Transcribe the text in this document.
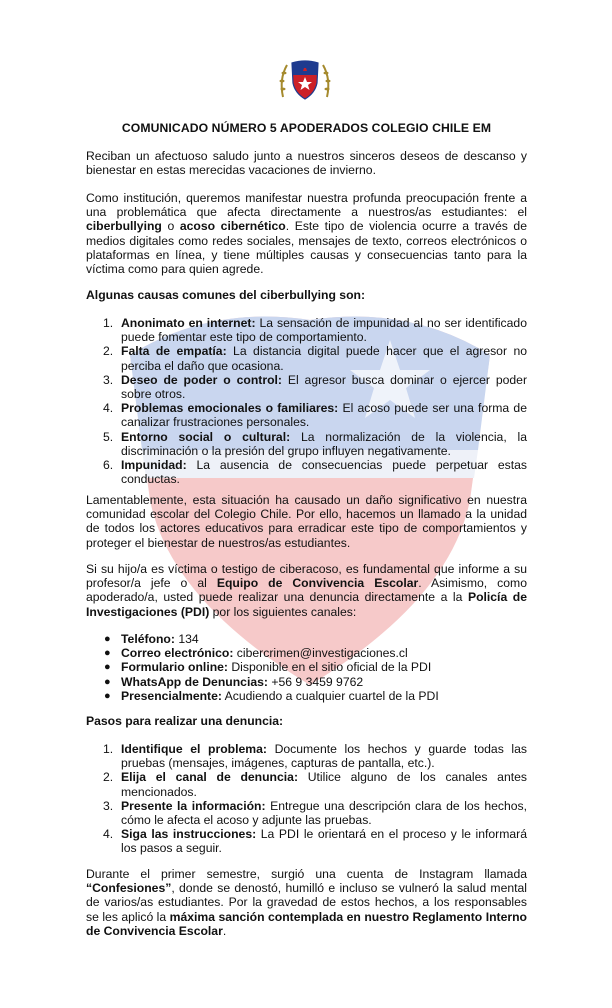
COMUNICADO NÚMERO 5 APODERADOS COLEGIO CHILE EM

Reciban un afectuoso saludo junto a nuestros sinceros deseos de descanso y bienestar en estas merecidas vacaciones de invierno.

Como institución, queremos manifestar nuestra profunda preocupación frente a una problemática que afecta directamente a nuestros/as estudiantes: el ciberbullying o acoso cibernético. Este tipo de violencia ocurre a través de medios digitales como redes sociales, mensajes de texto, correos electrónicos o plataformas en línea, y tiene múltiples causas y consecuencias tanto para la víctima como para quien agrede.

Algunas causas comunes del ciberbullying son:

1. Anonimato en internet: La sensación de impunidad al no ser identificado puede fomentar este tipo de comportamiento.
2. Falta de empatía: La distancia digital puede hacer que el agresor no perciba el daño que ocasiona.
3. Deseo de poder o control: El agresor busca dominar o ejercer poder sobre otros.
4. Problemas emocionales o familiares: El acoso puede ser una forma de canalizar frustraciones personales.
5. Entorno social o cultural: La normalización de la violencia, la discriminación o la presión del grupo influyen negativamente.
6. Impunidad: La ausencia de consecuencias puede perpetuar estas conductas.

Lamentablemente, esta situación ha causado un daño significativo en nuestra comunidad escolar del Colegio Chile. Por ello, hacemos un llamado a la unidad de todos los actores educativos para erradicar este tipo de comportamientos y proteger el bienestar de nuestros/as estudiantes.

Si su hijo/a es víctima o testigo de ciberacoso, es fundamental que informe a su profesor/a jefe o al Equipo de Convivencia Escolar. Asimismo, como apoderado/a, usted puede realizar una denuncia directamente a la Policía de Investigaciones (PDI) por los siguientes canales:

● Teléfono: 134
● Correo electrónico: cibercrimen@investigaciones.cl
● Formulario online: Disponible en el sitio oficial de la PDI
● WhatsApp de Denuncias: +56 9 3459 9762
● Presencialmente: Acudiendo a cualquier cuartel de la PDI

Pasos para realizar una denuncia:

1. Identifique el problema: Documente los hechos y guarde todas las pruebas (mensajes, imágenes, capturas de pantalla, etc.).
2. Elija el canal de denuncia: Utilice alguno de los canales antes mencionados.
3. Presente la información: Entregue una descripción clara de los hechos, cómo le afecta el acoso y adjunte las pruebas.
4. Siga las instrucciones: La PDI le orientará en el proceso y le informará los pasos a seguir.

Durante el primer semestre, surgió una cuenta de Instagram llamada “Confesiones”, donde se denostó, humilló e incluso se vulneró la salud mental de varios/as estudiantes. Por la gravedad de estos hechos, a los responsables se les aplicó la máxima sanción contemplada en nuestro Reglamento Interno de Convivencia Escolar.
